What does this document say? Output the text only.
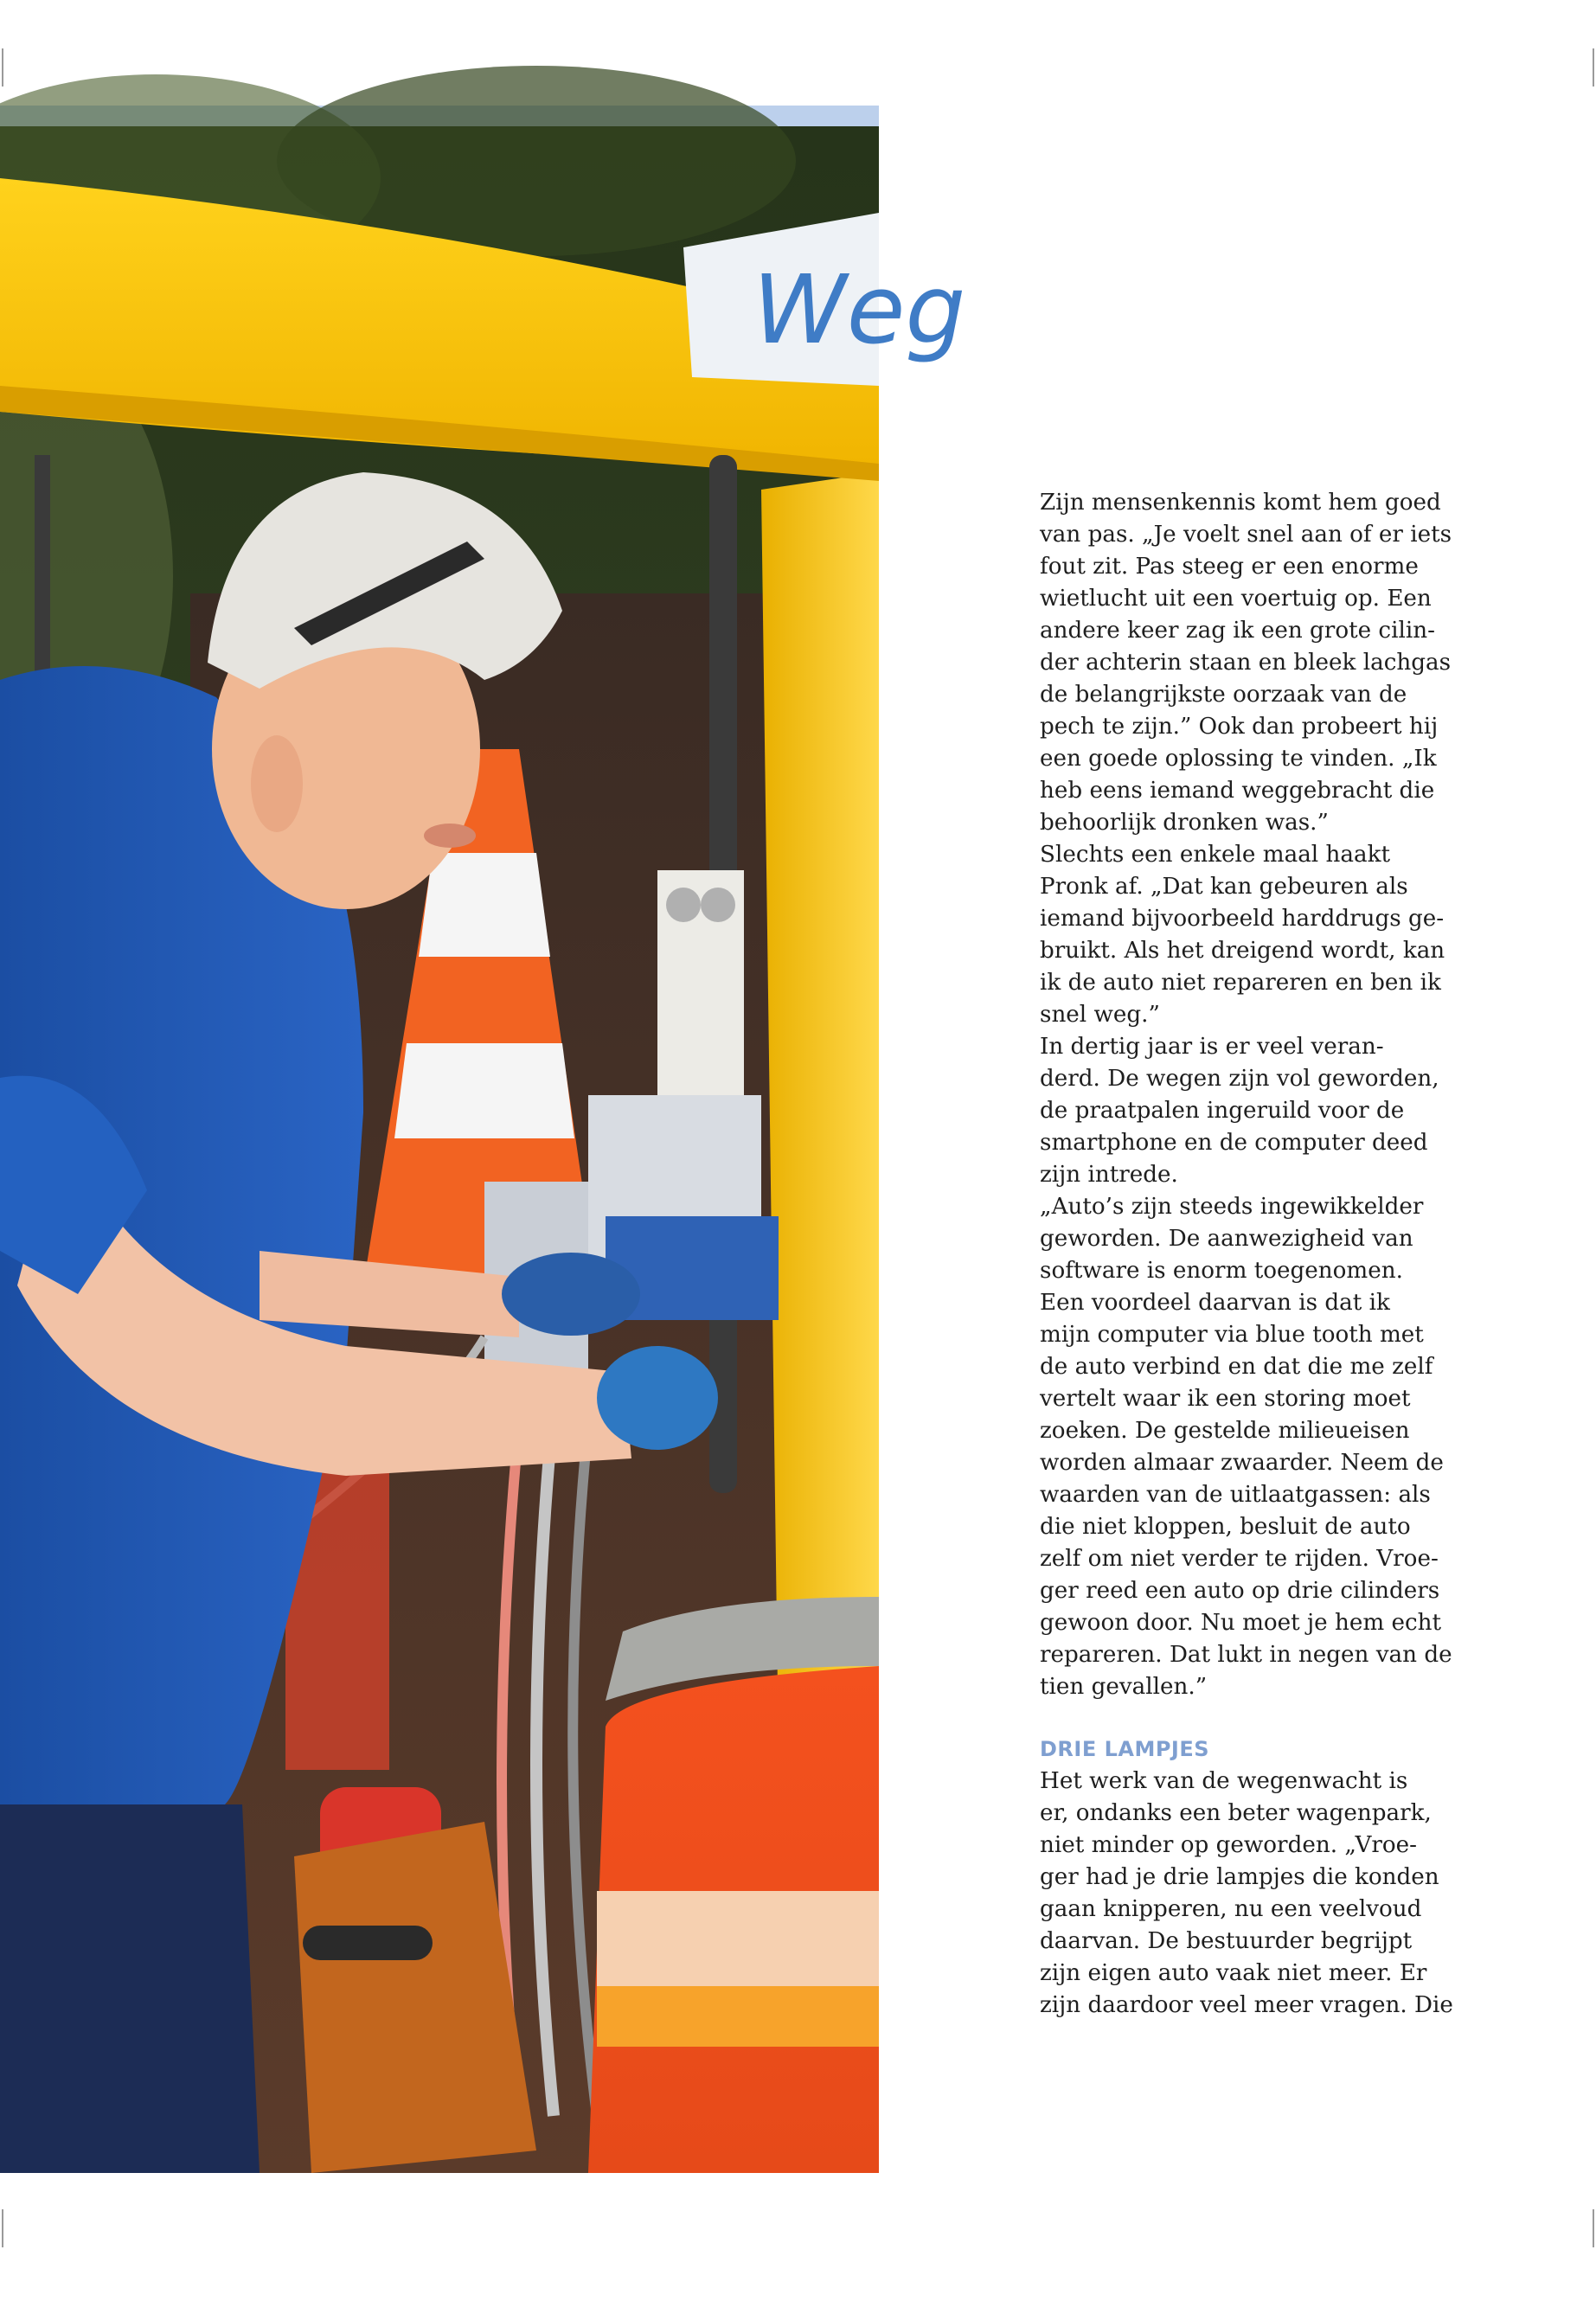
Weg
Zijn mensenkennis komt hem goed
van pas. „Je voelt snel aan of er iets
fout zit. Pas steeg er een enorme
wietlucht uit een voertuig op. Een
andere keer zag ik een grote cilin-
der achterin staan en bleek lachgas
de belangrijkste oorzaak van de
pech te zijn.” Ook dan probeert hij
een goede oplossing te vinden. „Ik
heb eens iemand weggebracht die
behoorlijk dronken was.”
Slechts een enkele maal haakt
Pronk af. „Dat kan gebeuren als
iemand bijvoorbeeld harddrugs ge-
bruikt. Als het dreigend wordt, kan
ik de auto niet repareren en ben ik
snel weg.”
In dertig jaar is er veel veran-
derd. De wegen zijn vol geworden,
de praatpalen ingeruild voor de
smartphone en de computer deed
zijn intrede.
„Auto’s zijn steeds ingewikkelder
geworden. De aanwezigheid van
software is enorm toegenomen.
Een voordeel daarvan is dat ik
mijn computer via blue tooth met
de auto verbind en dat die me zelf
vertelt waar ik een storing moet
zoeken. De gestelde milieueisen
worden almaar zwaarder. Neem de
waarden van de uitlaatgassen: als
die niet kloppen, besluit de auto
zelf om niet verder te rijden. Vroe-
ger reed een auto op drie cilinders
gewoon door. Nu moet je hem echt
repareren. Dat lukt in negen van de
tien gevallen.”
DRIE LAMPJES
Het werk van de wegenwacht is
er, ondanks een beter wagenpark,
niet minder op geworden. „Vroe-
ger had je drie lampjes die konden
gaan knipperen, nu een veelvoud
daarvan. De bestuurder begrijpt
zijn eigen auto vaak niet meer. Er
zijn daardoor veel meer vragen. Die
